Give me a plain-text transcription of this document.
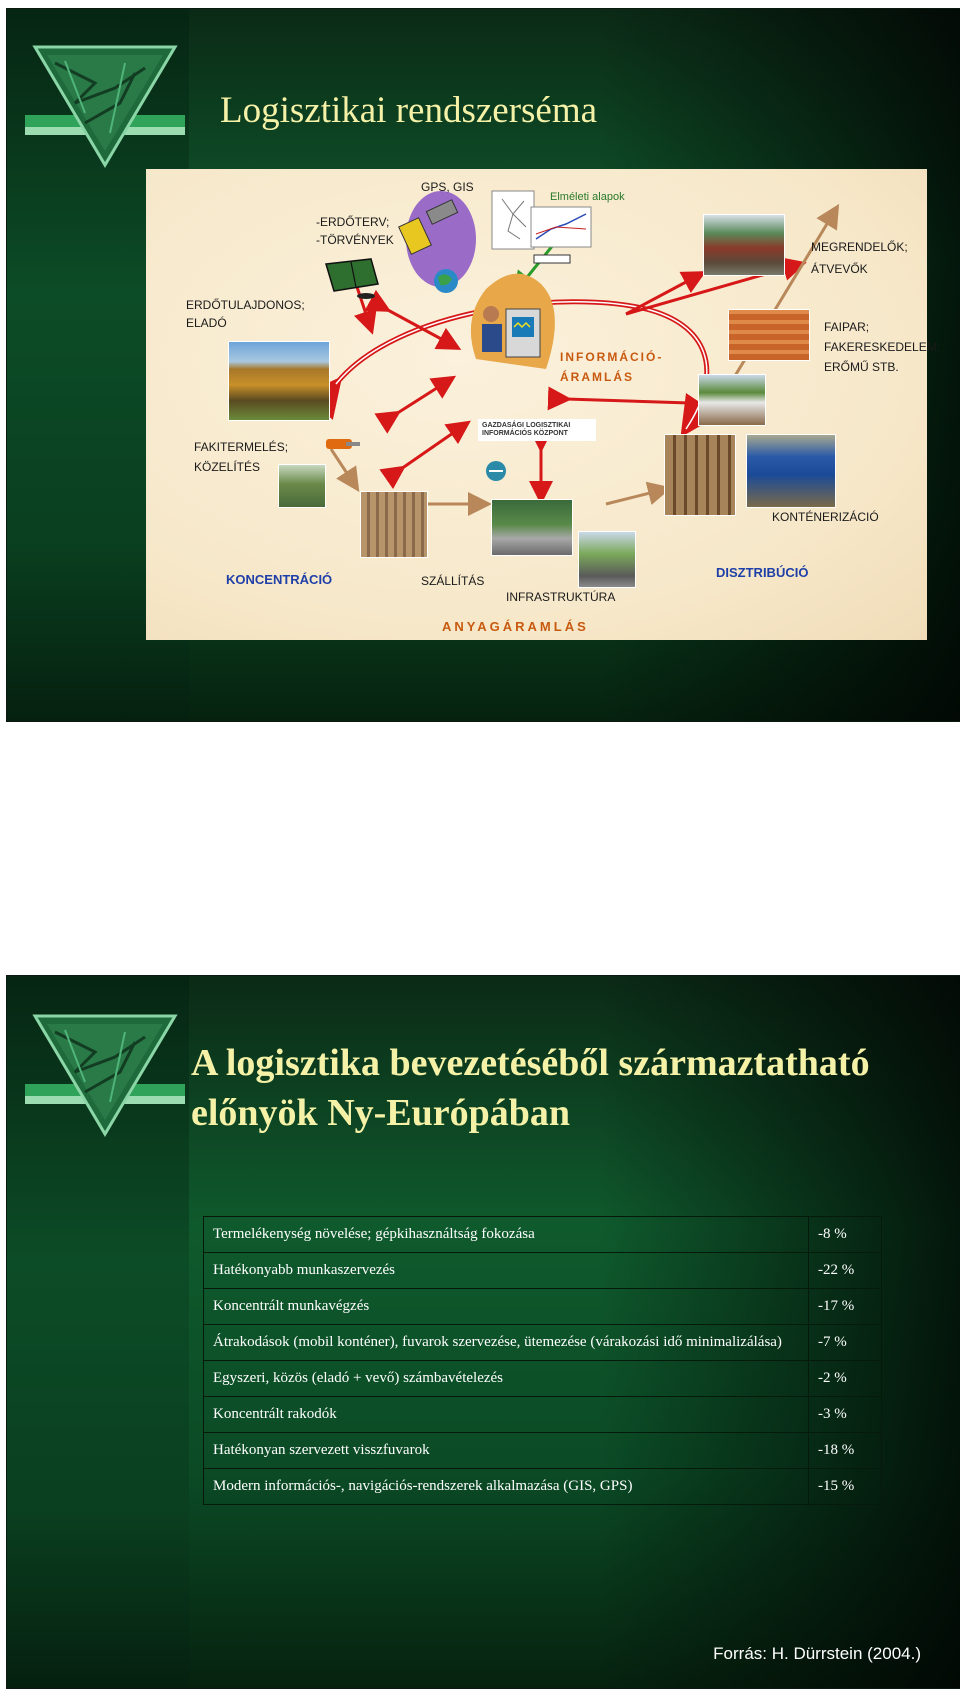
Logisztikai rendszerséma
GPS, GIS
Elméleti alapok
-ERDŐTERV;
-TÖRVÉNYEK
ERDŐTULAJDONOS;
ELADÓ
MEGRENDELŐK;
ÁTVEVŐK
FAIPAR;
FAKERESKEDELEM;
ERŐMŰ STB.
INFORMÁCIÓ-
ÁRAMLÁS
GAZDASÁGI LOGISZTIKAI
INFORMÁCIÓS KÖZPONT
FAKITERMELÉS;
KÖZELÍTÉS
KONTÉNERIZÁCIÓ
KONCENTRÁCIÓ	SZÁLLÍTÁS
INFRASTRUKTÚRA
DISZTRIBÚCIÓ
ANYAGÁRAMLÁS
A logisztika bevezetéséből származtatható
előnyök Ny-Európában
Termelékenység növelése; gépkihasználtság fokozása	-8 %
Hatékonyabb munkaszervezés	-22 %
Koncentrált munkavégzés	-17 %
Átrakodások (mobil konténer), fuvarok szervezése, ütemezése (várakozási idő minimalizálása)	-7 %
Egyszeri, közös (eladó + vevő) számbavételezés	-2 %
Koncentrált rakodók	-3 %
Hatékonyan szervezett visszfuvarok	-18 %
Modern információs-, navigációs-rendszerek alkalmazása (GIS, GPS)	-15 %
Forrás: H. Dürrstein (2004.)
